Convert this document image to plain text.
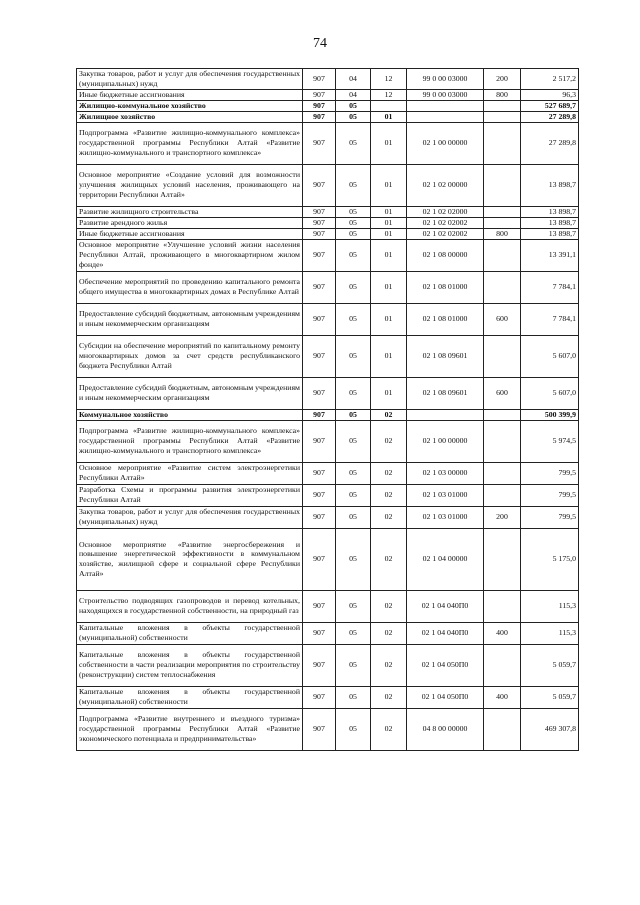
74
Закупка товаров, работ и услуг для обеспечения государственных (муниципальных) нужд	907	04	12	99 0 00 03000	200	2 517,2
Иные бюджетные ассигнования	907	04	12	99 0 00 03000	800	96,3
Жилищно-коммунальное хозяйство	907	05				527 689,7
Жилищное хозяйство	907	05	01			27 289,8
Подпрограмма «Развитие жилищно-коммунального комплекса» государственной программы Республики Алтай «Развитие жилищно-коммунального и транспортного комплекса»	907	05	01	02 1 00 00000		27 289,8
Основное мероприятие «Создание условий для возможности улучшения жилищных условий населения, проживающего на территории Республики Алтай»	907	05	01	02 1 02 00000		13 898,7
Развитие жилищного строительства	907	05	01	02 1 02 02000		13 898,7
Развитие арендного жилья	907	05	01	02 1 02 02002		13 898,7
Иные бюджетные ассигнования	907	05	01	02 1 02 02002	800	13 898,7
Основное мероприятие «Улучшение условий жизни населения Республики Алтай, проживающего в многоквартирном жилом фонде»	907	05	01	02 1 08 00000		13 391,1
Обеспечение мероприятий по проведению капитального ремонта общего имущества в многоквартирных домах в Республике Алтай	907	05	01	02 1 08 01000		7 784,1
Предоставление субсидий бюджетным, автономным учреждениям и иным некоммерческим организациям	907	05	01	02 1 08 01000	600	7 784,1
Субсидии на обеспечение мероприятий по капитальному ремонту многоквартирных домов за счет средств республиканского бюджета Республики Алтай	907	05	01	02 1 08 09601		5 607,0
Предоставление субсидий бюджетным, автономным учреждениям и иным некоммерческим организациям	907	05	01	02 1 08 09601	600	5 607,0
Коммунальное хозяйство	907	05	02			500 399,9
Подпрограмма «Развитие жилищно-коммунального комплекса» государственной программы Республики Алтай «Развитие жилищно-коммунального и транспортного комплекса»	907	05	02	02 1 00 00000		5 974,5
Основное мероприятие «Развитие систем электроэнергетики Республики Алтай»	907	05	02	02 1 03 00000		799,5
Разработка Схемы и программы развития электроэнергетики Республики Алтай	907	05	02	02 1 03 01000		799,5
Закупка товаров, работ и услуг для обеспечения государственных (муниципальных) нужд	907	05	02	02 1 03 01000	200	799,5
Основное мероприятие «Развитие энергосбережения и повышение энергетической эффективности в коммунальном хозяйстве, жилищной сфере и социальной сфере Республики Алтай»	907	05	02	02 1 04 00000		5 175,0
Строительство подводящих газопроводов и перевод котельных, находящихся в государственной собственности, на природный газ	907	05	02	02 1 04 040П0		115,3
Капитальные вложения в объекты государственной (муниципальной) собственности	907	05	02	02 1 04 040П0	400	115,3
Капитальные вложения в объекты государственной собственности в части реализации мероприятия по строительству (реконструкции) систем теплоснабжения	907	05	02	02 1 04 050П0		5 059,7
Капитальные вложения в объекты государственной (муниципальной) собственности	907	05	02	02 1 04 050П0	400	5 059,7
Подпрограмма «Развитие внутреннего и въездного туризма» государственной программы Республики Алтай «Развитие экономического потенциала и предпринимательства»	907	05	02	04 8 00 00000		469 307,8
